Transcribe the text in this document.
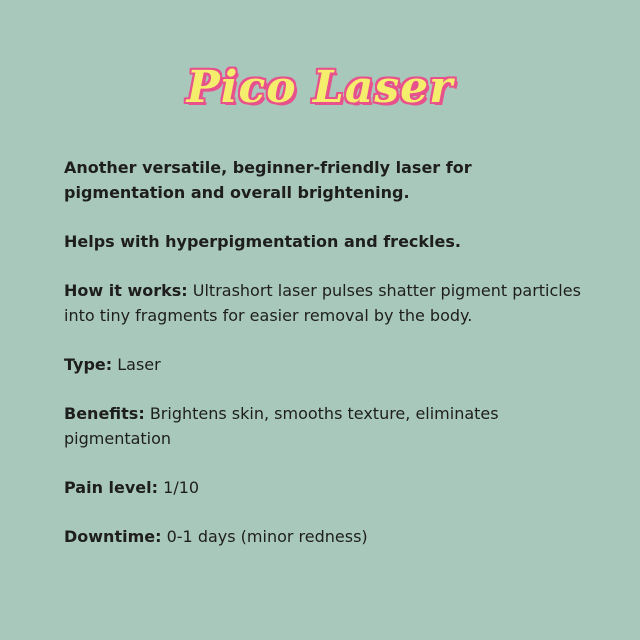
Pico Laser

Another versatile, beginner-friendly laser for pigmentation and overall brightening.

Helps with hyperpigmentation and freckles.

How it works: Ultrashort laser pulses shatter pigment particles into tiny fragments for easier removal by the body.

Type: Laser

Benefits: Brightens skin, smooths texture, eliminates pigmentation

Pain level: 1/10

Downtime: 0-1 days (minor redness)
